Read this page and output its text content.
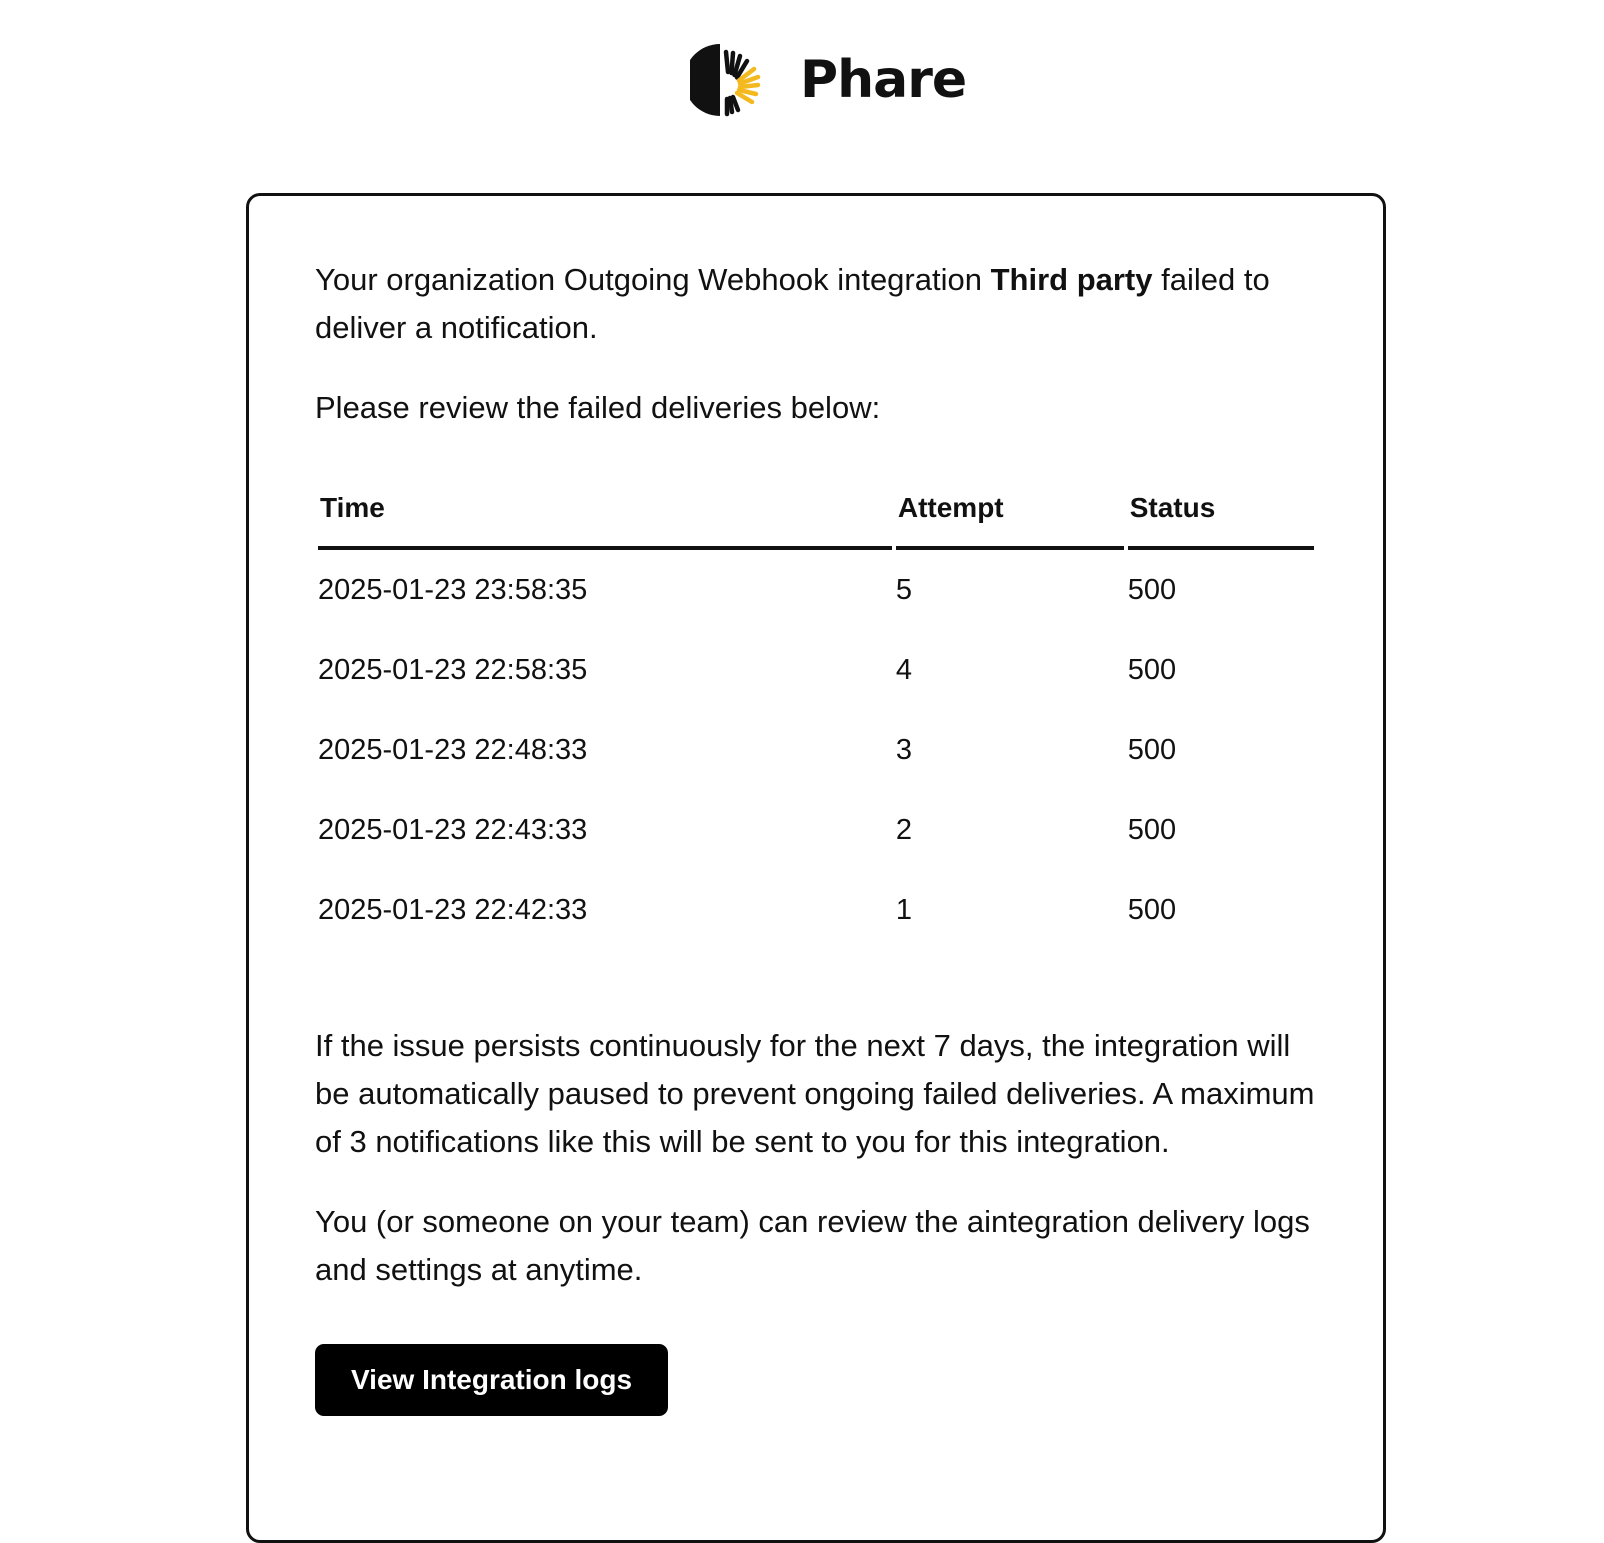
Phare

Your organization Outgoing Webhook integration Third party failed to deliver a notification.

Please review the failed deliveries below:

Time	Attempt	Status
2025-01-23 23:58:35	5	500
2025-01-23 22:58:35	4	500
2025-01-23 22:48:33	3	500
2025-01-23 22:43:33	2	500
2025-01-23 22:42:33	1	500

If the issue persists continuously for the next 7 days, the integration will be automatically paused to prevent ongoing failed deliveries. A maximum of 3 notifications like this will be sent to you for this integration.

You (or someone on your team) can review the aintegration delivery logs and settings at anytime.

View Integration logs
